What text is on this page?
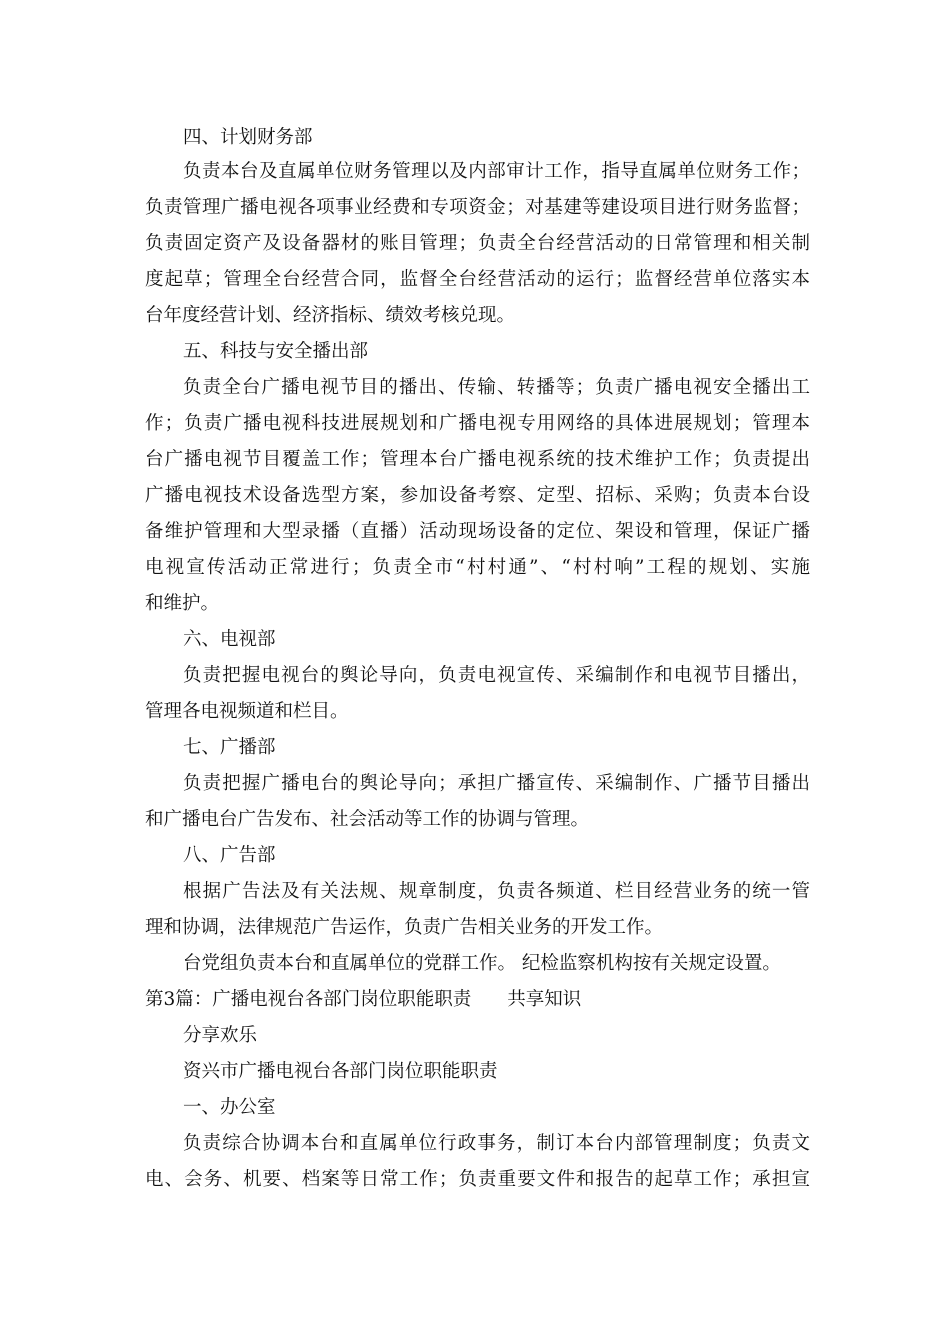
四、计划财务部
负责本台及直属单位财务管理以及内部审计工作，指导直属单位财务工作；
负责管理广播电视各项事业经费和专项资金；对基建等建设项目进行财务监督；
负责固定资产及设备器材的账目管理；负责全台经营活动的日常管理和相关制
度起草；管理全台经营合同，监督全台经营活动的运行；监督经营单位落实本
台年度经营计划、经济指标、绩效考核兑现。
五、科技与安全播出部
负责全台广播电视节目的播出、传输、转播等；负责广播电视安全播出工
作；负责广播电视科技进展规划和广播电视专用网络的具体进展规划；管理本
台广播电视节目覆盖工作；管理本台广播电视系统的技术维护工作；负责提出
广播电视技术设备选型方案，参加设备考察、定型、招标、采购；负责本台设
备维护管理和大型录播（直播）活动现场设备的定位、架设和管理，保证广播
电视宣传活动正常进行；负责全市“村村通”、“村村响”工程的规划、实施
和维护。
六、电视部
负责把握电视台的舆论导向，负责电视宣传、采编制作和电视节目播出，
管理各电视频道和栏目。
七、广播部
负责把握广播电台的舆论导向；承担广播宣传、采编制作、广播节目播出
和广播电台广告发布、社会活动等工作的协调与管理。
八、广告部
根据广告法及有关法规、规章制度，负责各频道、栏目经营业务的统一管
理和协调，法律规范广告运作，负责广告相关业务的开发工作。
台党组负责本台和直属单位的党群工作。 纪检监察机构按有关规定设置。
第3篇：广播电视台各部门岗位职能职责 共享知识
分享欢乐
资兴市广播电视台各部门岗位职能职责
一、办公室
负责综合协调本台和直属单位行政事务，制订本台内部管理制度；负责文
电、会务、机要、档案等日常工作；负责重要文件和报告的起草工作；承担宣
